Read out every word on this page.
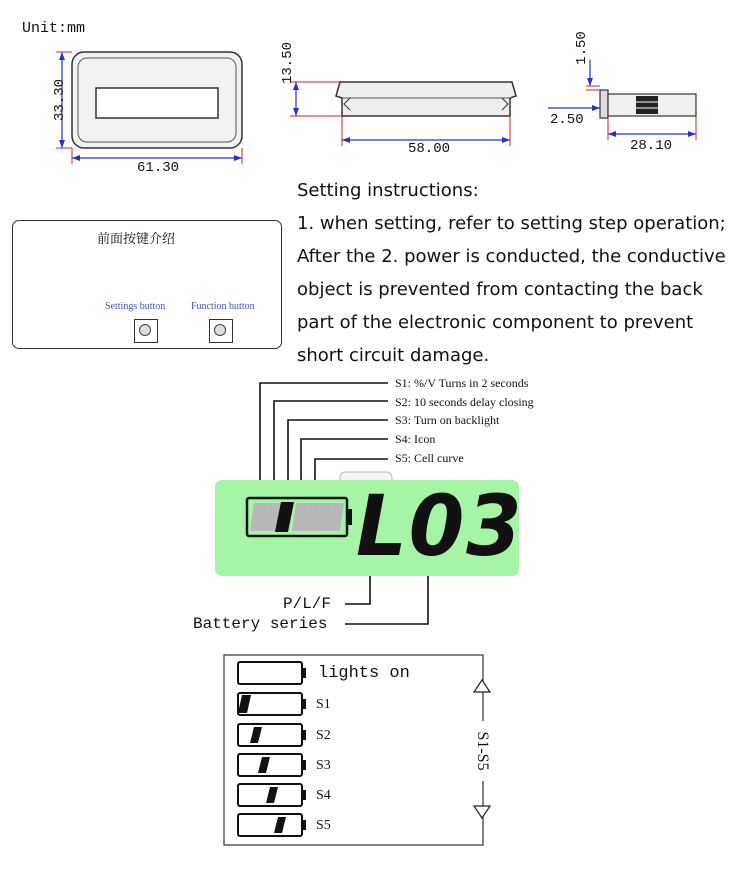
Unit:mm
33.30
61.30
13.50
58.00
1.50
2.50
28.10
前面按键介绍
Settings button	Function button
Setting instructions:
1. when setting, refer to setting step operation;
After the 2. power is conducted, the conductive
object is prevented from contacting the back
part of the electronic component to prevent
short circuit damage.
S1: %/V Turns in 2 seconds
S2: 10 seconds delay closing
S3: Turn on backlight
S4: Icon
S5: Cell curve
L03
P/L/F
Battery series
lights on
S1
S2
S3
S4
S5
S1-S5
